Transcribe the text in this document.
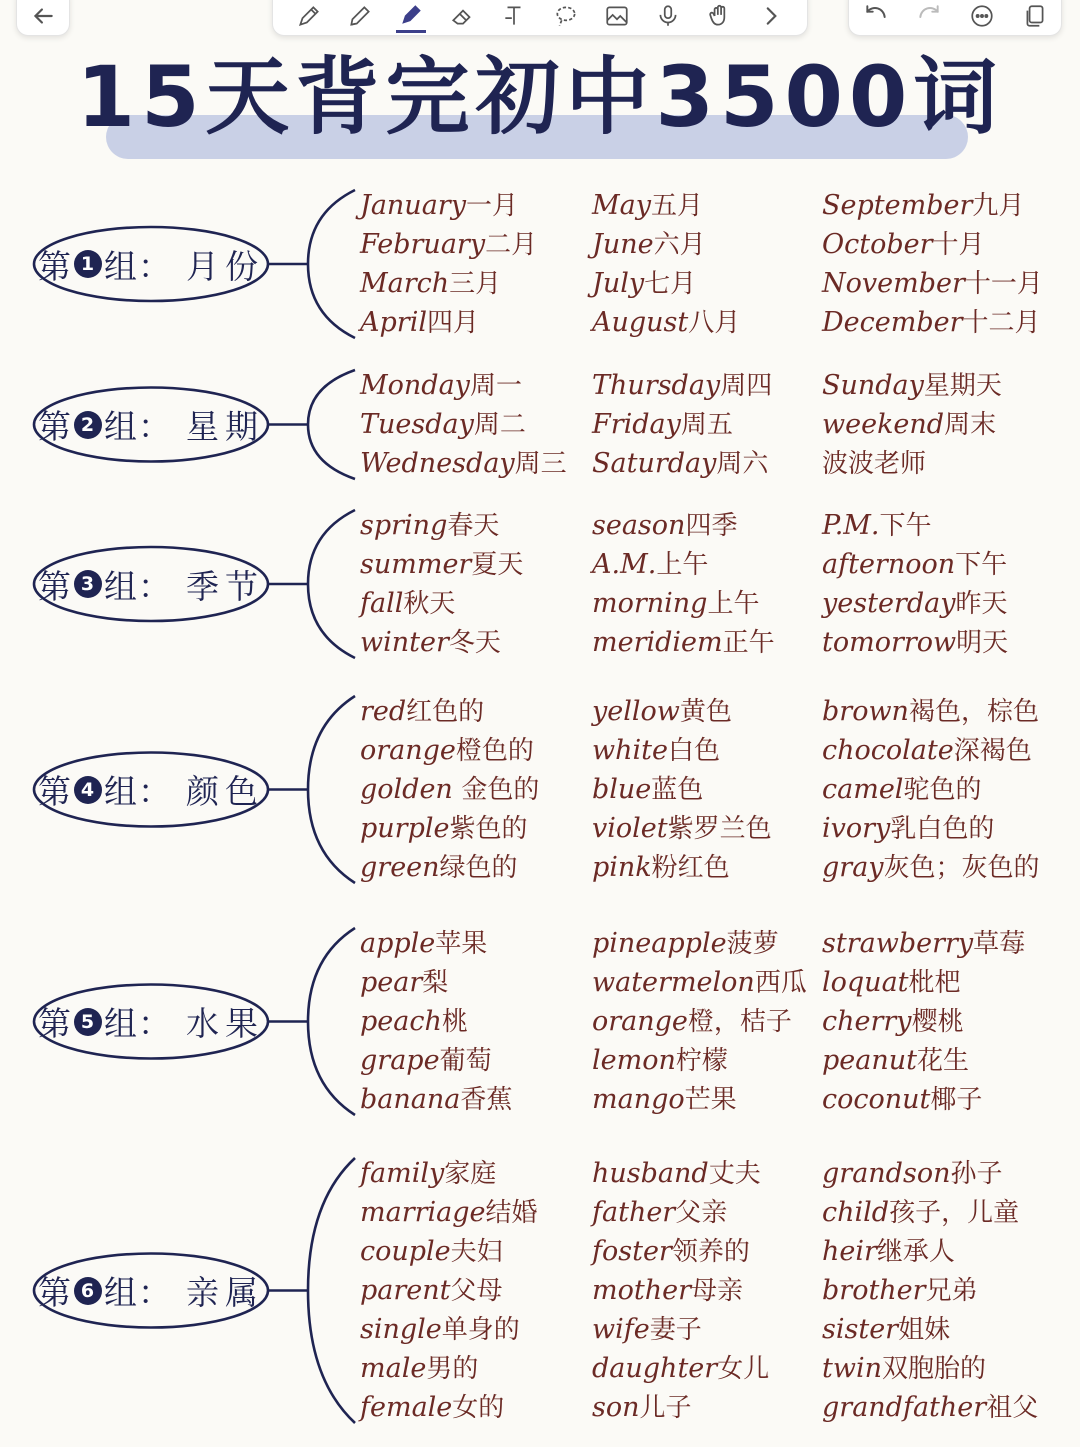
15天背完初中3500词
第 1 组： 月份
January一月
February二月
March三月
April四月
May五月
June六月
July七月
August八月
September九月
October十月
November十一月
December十二月
第 2 组： 星期
Monday周一
Tuesday周二
Wednesday周三
Thursday周四
Friday周五
Saturday周六
Sunday星期天
weekend周末
波波老师
第 3 组： 季节
spring春天
summer夏天
fall秋天
winter冬天
season四季
A.M.上午
morning上午
meridiem正午
P.M.下午
afternoon下午
yesterday昨天
tomorrow明天
第 4 组： 颜色
red红色的
orange橙色的
golden 金色的
purple紫色的
green绿色的
yellow黄色
white白色
blue蓝色
violet紫罗兰色
pink粉红色
brown褐色，棕色
chocolate深褐色
camel驼色的
ivory乳白色的
gray灰色；灰色的
第 5 组： 水果
apple苹果
pear梨
peach桃
grape葡萄
banana香蕉
pineapple菠萝
watermelon西瓜
orange橙，桔子
lemon柠檬
mango芒果
strawberry草莓
loquat枇杷
cherry樱桃
peanut花生
coconut椰子
第 6 组： 亲属
family家庭
marriage结婚
couple夫妇
parent父母
single单身的
male男的
female女的
husband丈夫
father父亲
foster领养的
mother母亲
wife妻子
daughter女儿
son儿子
grandson孙子
child孩子，儿童
heir继承人
brother兄弟
sister姐妹
twin双胞胎的
grandfather祖父
